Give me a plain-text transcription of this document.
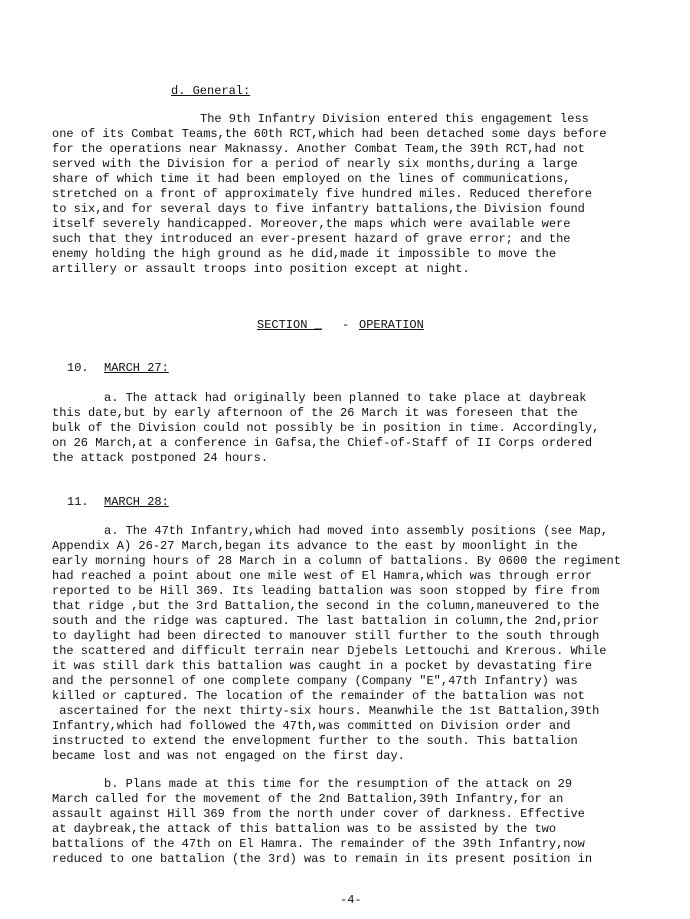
d. General:
The 9th Infantry Division entered this engagement less
one of its Combat Teams,the 60th RCT,which had been detached some days before
for the operations near Maknassy. Another Combat Team,the 39th RCT,had not
served with the Division for a period of nearly six months,during a large
share of which time it had been employed on the lines of communications,
stretched on a front of approximately five hundred miles. Reduced therefore
to six,and for several days to five infantry battalions,the Division found
itself severely handicapped. Moreover,the maps which were available were
such that they introduced an ever-present hazard of grave error; and the
enemy holding the high ground as he did,made it impossible to move the
artillery or assault troops into position except at night.
SECTION _ - OPERATION
10. MARCH 27:
a. The attack had originally been planned to take place at daybreak
this date,but by early afternoon of the 26 March it was foreseen that the
bulk of the Division could not possibly be in position in time. Accordingly,
on 26 March,at a conference in Gafsa,the Chief-of-Staff of II Corps ordered
the attack postponed 24 hours.
11. MARCH 28:
a. The 47th Infantry,which had moved into assembly positions (see Map,
Appendix A) 26-27 March,began its advance to the east by moonlight in the
early morning hours of 28 March in a column of battalions. By 0600 the regiment
had reached a point about one mile west of El Hamra,which was through error
reported to be Hill 369. Its leading battalion was soon stopped by fire from
that ridge ,but the 3rd Battalion,the second in the column,maneuvered to the
south and the ridge was captured. The last battalion in column,the 2nd,prior
to daylight had been directed to manouver still further to the south through
the scattered and difficult terrain near Djebels Lettouchi and Krerous. While
it was still dark this battalion was caught in a pocket by devastating fire
and the personnel of one complete company (Company "E",47th Infantry) was
killed or captured. The location of the remainder of the battalion was not
ascertained for the next thirty-six hours. Meanwhile the 1st Battalion,39th
Infantry,which had followed the 47th,was committed on Division order and
instructed to extend the envelopment further to the south. This battalion
became lost and was not engaged on the first day.
b. Plans made at this time for the resumption of the attack on 29
March called for the movement of the 2nd Battalion,39th Infantry,for an
assault against Hill 369 from the north under cover of darkness. Effective
at daybreak,the attack of this battalion was to be assisted by the two
battalions of the 47th on El Hamra. The remainder of the 39th Infantry,now
reduced to one battalion (the 3rd) was to remain in its present position in
-4-
